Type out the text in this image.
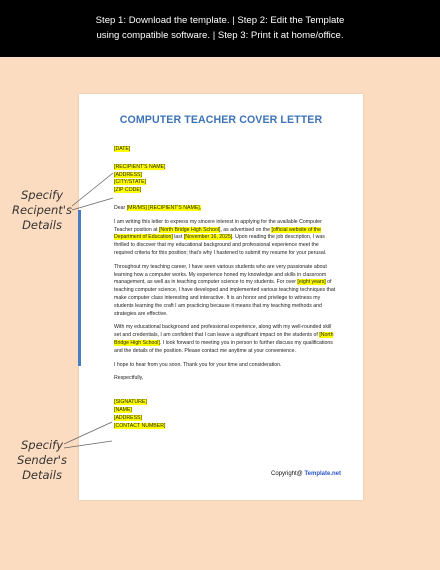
Step 1: Download the template. | Step 2: Edit the Template
using compatible software. | Step 3: Print it at home/office.
Specify
Recipent's
Details
Specify
Sender's
Details
COMPUTER TEACHER COVER LETTER
[DATE]
[RECIPIENT'S NAME]
[ADDRESS]
[CITY/STATE]
[ZIP CODE]

Dear [MR/MS] [RECIPIENT'S NAME],

I am writing this letter to express my sincere interest in applying for the available Computer Teacher position at [North Bridge High School], as advertised on the [official website of the Department of Education] last [November 16, 2025]. Upon reading the job description, I was thrilled to discover that my educational background and professional experience meet the required criteria for this position; that's why I hastened to submit my resume for your perusal.

Throughout my teaching career, I have seen various students who are very passionate about learning how a computer works. My experience honed my knowledge and skills in classroom management, as well as in teaching computer science to my students. For over [eight years] of teaching computer science, I have developed and implemented various teaching techniques that make computer class interesting and interactive. It is an honor and privilege to witness my students learning the craft I am practicing because it means that my teaching methods and strategies are effective.

With my educational background and professional experience, along with my well-rounded skill set and credentials, I am confident that I can leave a significant impact on the students of [North Bridge High School]. I look forward to meeting you in person to further discuss my qualifications and the details of the position. Please contact me anytime at your convenience.

I hope to hear from you soon. Thank you for your time and consideration.

Respectfully,

[SIGNATURE]
[NAME]
[ADDRESS]
[CONTACT NUMBER]
Copyright@ Template.net
